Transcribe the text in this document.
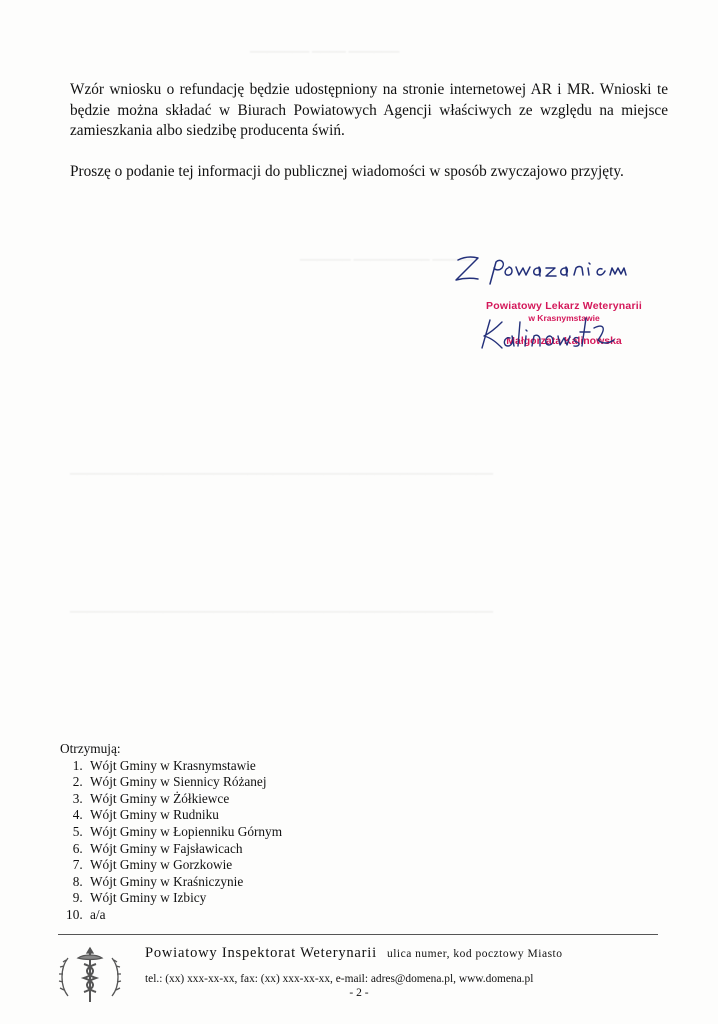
▁▁▁▁▁▁▁ ▁▁▁▁ ▁▁▁▁▁▁
▁▁▁▁▁▁ ▁▁▁▁▁▁▁▁▁ ▁▁▁▁▁
▁▁▁▁▁▁▁▁▁▁▁▁▁▁▁▁▁▁▁▁▁▁▁▁▁▁▁▁▁▁▁▁▁▁▁▁▁▁▁▁▁▁▁▁▁▁▁▁▁▁
▁▁▁▁▁▁▁▁▁▁▁▁▁▁▁▁▁▁▁▁▁▁▁▁▁▁▁▁▁▁▁▁▁▁▁▁▁▁▁▁▁▁▁▁▁▁▁▁▁▁

Wzór wniosku o refundację będzie udostępniony na stronie internetowej AR i MR. Wnioski te będzie można składać w Biurach Powiatowych Agencji właściwych ze względu na miejsce zamieszkania albo siedzibę producenta świń.

Proszę o podanie tej informacji do publicznej wiadomości w sposób zwyczajowo przyjęty.

Powiatowy Lekarz Weterynarii
w Krasnymstawie
Małgorzata Kalinowska
Otrzymują:
1. Wójt Gminy w Krasnymstawie
2. Wójt Gminy w Siennicy Różanej
3. Wójt Gminy w Żółkiewce
4. Wójt Gminy w Rudniku
5. Wójt Gminy w Łopienniku Górnym
6. Wójt Gminy w Fajsławicach
7. Wójt Gminy w Gorzkowie
8. Wójt Gminy w Kraśniczynie
9. Wójt Gminy w Izbicy
10. a/a
Powiatowy Inspektorat Weterynarii ulica numer, kod pocztowy Miasto
tel.: (xx) xxx-xx-xx, fax: (xx) xxx-xx-xx, e-mail: adres@domena.pl, www.domena.pl
- 2 -
